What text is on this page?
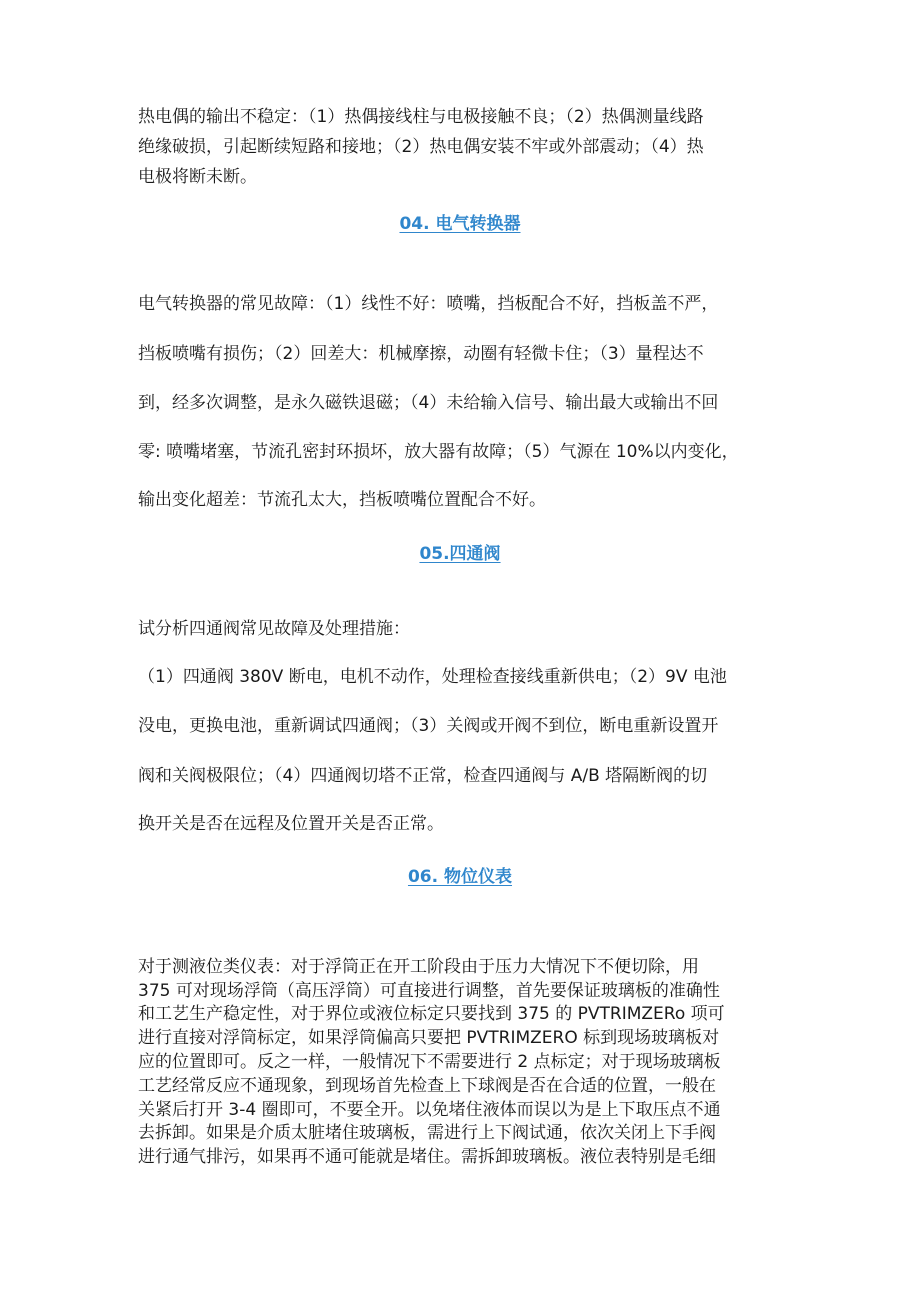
热电偶的输出不稳定：（1）热偶接线柱与电极接触不良；（2）热偶测量线路
绝缘破损，引起断续短路和接地；（2）热电偶安装不牢或外部震动；（4）热
电极将断未断。
04. 电气转换器
电气转换器的常见故障：（1）线性不好：喷嘴，挡板配合不好，挡板盖不严，
挡板喷嘴有损伤；（2）回差大：机械摩擦，动圈有轻微卡住；（3）量程达不
到，经多次调整，是永久磁铁退磁；（4）未给输入信号、输出最大或输出不回
零: 喷嘴堵塞，节流孔密封环损坏，放大器有故障；（5）气源在 10%以内变化，
输出变化超差：节流孔太大，挡板喷嘴位置配合不好。
05.四通阀
试分析四通阀常见故障及处理措施：
（1）四通阀 380V 断电，电机不动作，处理检查接线重新供电；（2）9V 电池
没电，更换电池，重新调试四通阀；（3）关阀或开阀不到位，断电重新设置开
阀和关阀极限位；（4）四通阀切塔不正常，检查四通阀与 A/B 塔隔断阀的切
换开关是否在远程及位置开关是否正常。
06. 物位仪表
对于测液位类仪表：对于浮筒正在开工阶段由于压力大情况下不便切除，用
375 可对现场浮筒（高压浮筒）可直接进行调整，首先要保证玻璃板的准确性
和工艺生产稳定性，对于界位或液位标定只要找到 375 的 PVTRIMZERo 项可
进行直接对浮筒标定，如果浮筒偏高只要把 PVTRIMZERO 标到现场玻璃板对
应的位置即可。反之一样，一般情况下不需要进行 2 点标定；对于现场玻璃板
工艺经常反应不通现象，到现场首先检查上下球阀是否在合适的位置，一般在
关紧后打开 3-4 圈即可，不要全开。以免堵住液体而误以为是上下取压点不通
去拆卸。如果是介质太脏堵住玻璃板，需进行上下阀试通，依次关闭上下手阀
进行通气排污，如果再不通可能就是堵住。需拆卸玻璃板。液位表特别是毛细
